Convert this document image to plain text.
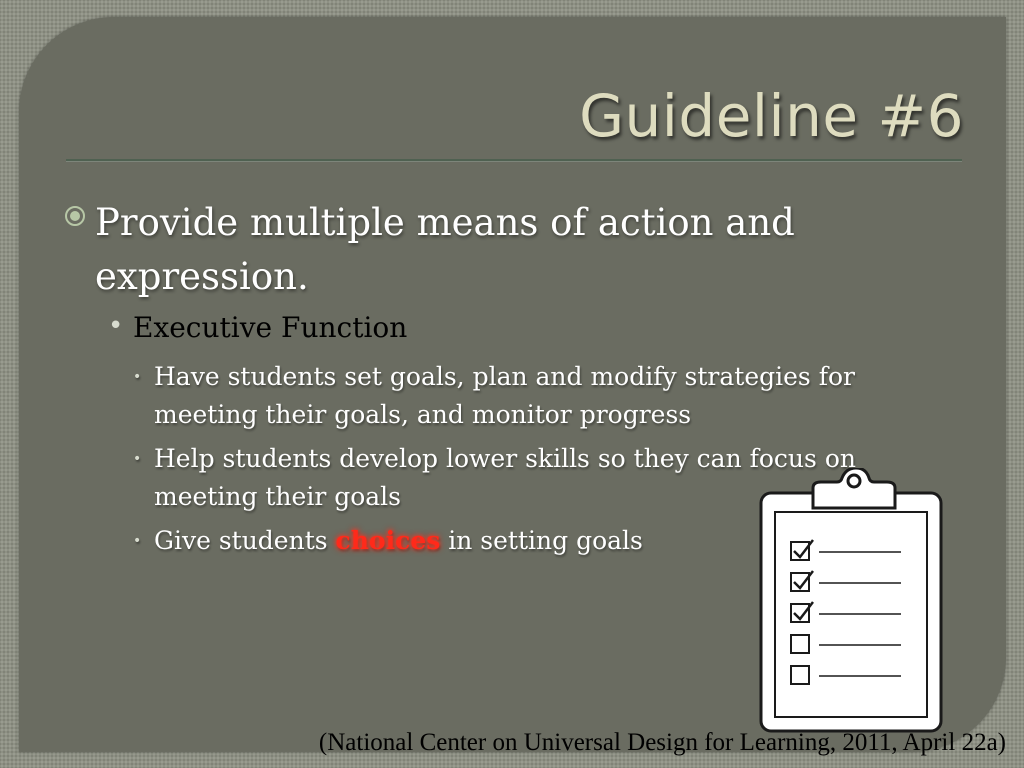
Guideline #6

Provide multiple means of action and expression.

• Executive Function

• Have students set goals, plan and modify strategies for meeting their goals, and monitor progress
• Help students develop lower skills so they can focus on meeting their goals
• Give students choices in setting goals

(National Center on Universal Design for Learning, 2011, April 22a)
